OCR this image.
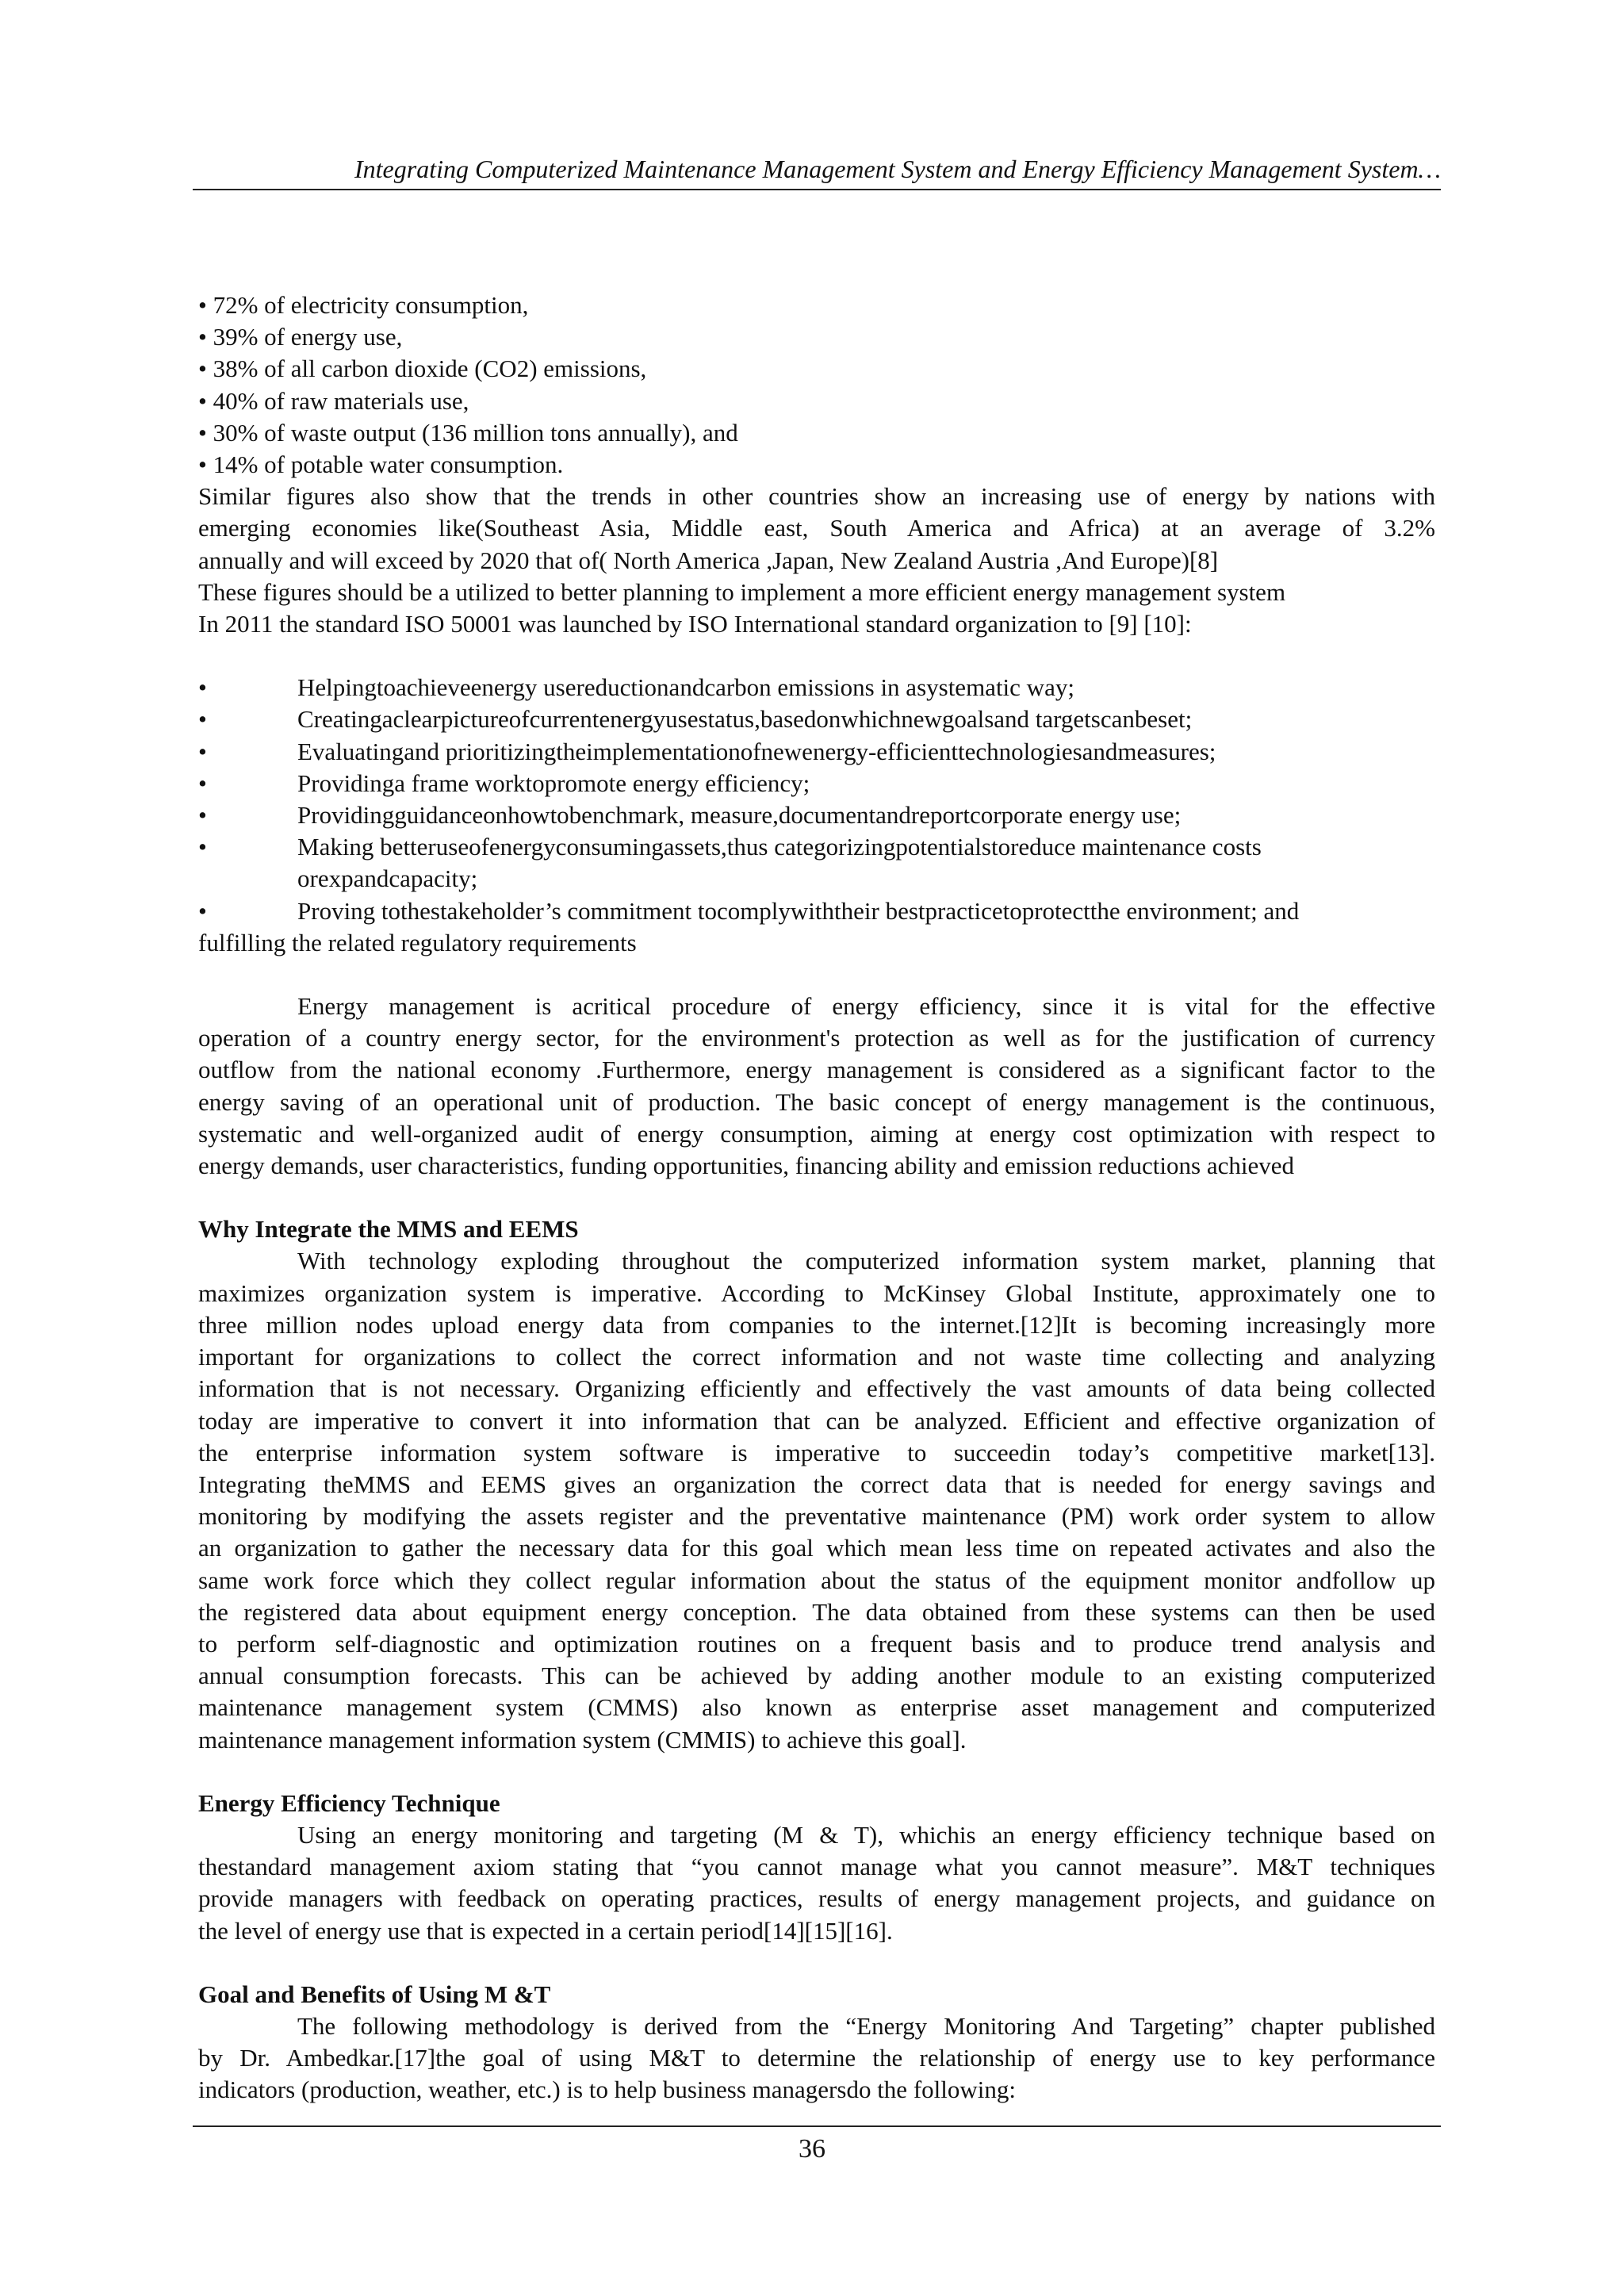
Integrating Computerized Maintenance Management System and Energy Efficiency Management System…
• 72% of electricity consumption,
• 39% of energy use,
• 38% of all carbon dioxide (CO2) emissions,
• 40% of raw materials use,
• 30% of waste output (136 million tons annually), and
• 14% of potable water consumption.
Similar figures also show that the trends in other countries show an increasing use of energy by nations with
emerging economies like(Southeast Asia, Middle east, South America and Africa) at an average of 3.2%
annually and will exceed by 2020 that of( North America ,Japan, New Zealand Austria ,And Europe)[8]
These figures should be a utilized to better planning to implement a more efficient energy management system
In 2011 the standard ISO 50001 was launched by ISO International standard organization to [9] [10]:
•	Helpingtoachieveenergy usereductionandcarbon emissions in asystematic way;
•	Creatingaclearpictureofcurrentenergyusestatus,basedonwhichnewgoalsand targetscanbeset;
•	Evaluatingand prioritizingtheimplementationofnewenergy-efficienttechnologiesandmeasures;
•	Providinga frame worktopromote energy efficiency;
•	Providingguidanceonhowtobenchmark, measure,documentandreportcorporate energy use;
•	Making betteruseofenergyconsumingassets,thus categorizingpotentialstoreduce maintenance costs
orexpandcapacity;
•	Proving tothestakeholder’s commitment tocomplywiththeir bestpracticetoprotectthe environment; and
fulfilling the related regulatory requirements
Energy management is acritical procedure of energy efficiency, since it is vital for the effective
operation of a country energy sector, for the environment's protection as well as for the justification of currency
outflow from the national economy .Furthermore, energy management is considered as a significant factor to the
energy saving of an operational unit of production. The basic concept of energy management is the continuous,
systematic and well-organized audit of energy consumption, aiming at energy cost optimization with respect to
energy demands, user characteristics, funding opportunities, financing ability and emission reductions achieved
Why Integrate the MMS and EEMS
With technology exploding throughout the computerized information system market, planning that
maximizes organization system is imperative. According to McKinsey Global Institute, approximately one to
three million nodes upload energy data from companies to the internet.[12]It is becoming increasingly more
important for organizations to collect the correct information and not waste time collecting and analyzing
information that is not necessary. Organizing efficiently and effectively the vast amounts of data being collected
today are imperative to convert it into information that can be analyzed. Efficient and effective organization of
the enterprise information system software is imperative to succeedin today’s competitive market[13].
Integrating theMMS and EEMS gives an organization the correct data that is needed for energy savings and
monitoring by modifying the assets register and the preventative maintenance (PM) work order system to allow
an organization to gather the necessary data for this goal which mean less time on repeated activates and also the
same work force which they collect regular information about the status of the equipment monitor andfollow up
the registered data about equipment energy conception. The data obtained from these systems can then be used
to perform self-diagnostic and optimization routines on a frequent basis and to produce trend analysis and
annual consumption forecasts. This can be achieved by adding another module to an existing computerized
maintenance management system (CMMS) also known as enterprise asset management and computerized
maintenance management information system (CMMIS) to achieve this goal].
Energy Efficiency Technique
Using an energy monitoring and targeting (M & T), whichis an energy efficiency technique based on
thestandard management axiom stating that “you cannot manage what you cannot measure”. M&T techniques
provide managers with feedback on operating practices, results of energy management projects, and guidance on
the level of energy use that is expected in a certain period[14][15][16].
Goal and Benefits of Using M &T
The following methodology is derived from the “Energy Monitoring And Targeting” chapter published
by Dr. Ambedkar.[17]the goal of using M&T to determine the relationship of energy use to key performance
indicators (production, weather, etc.) is to help business managersdo the following:
36
